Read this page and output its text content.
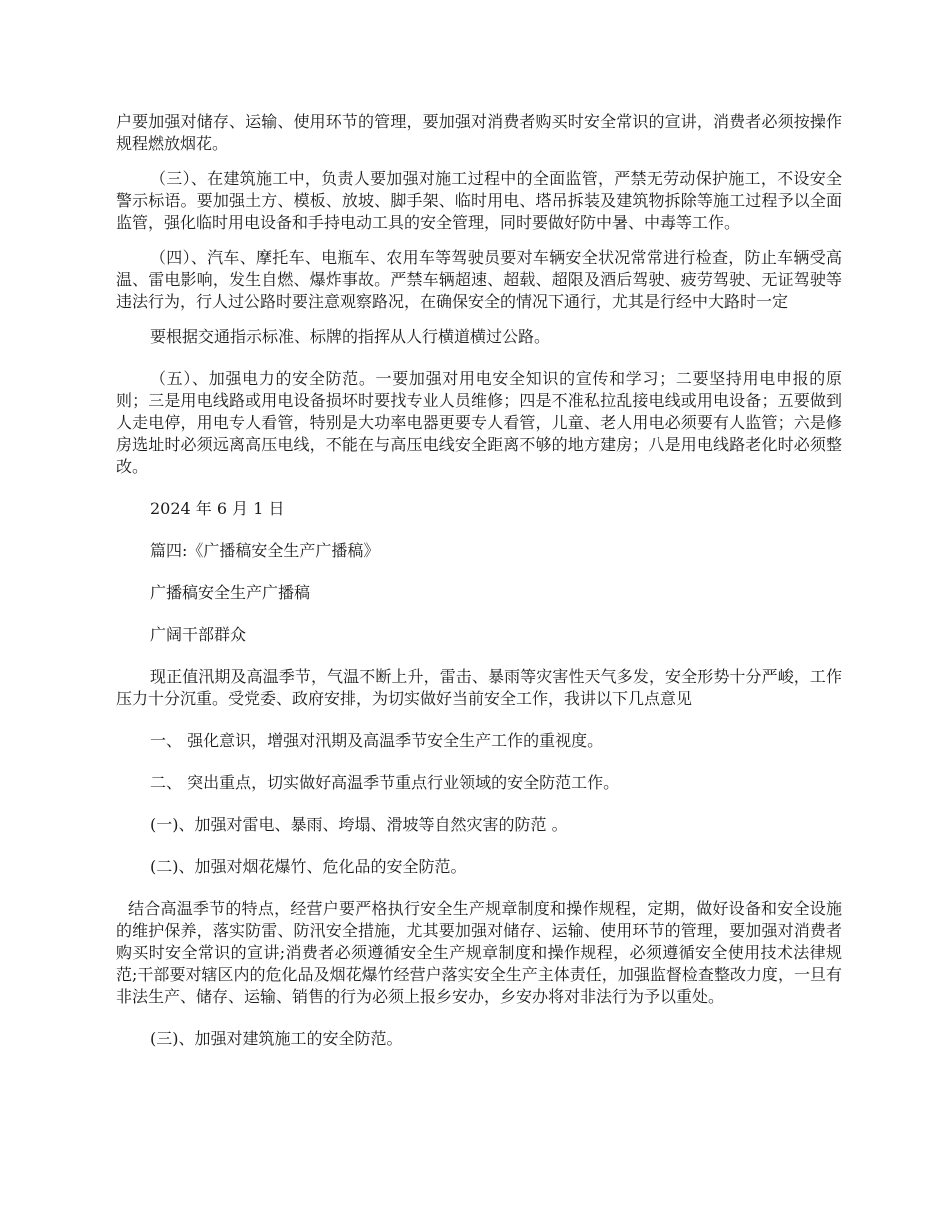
户要加强对储存、运输、使用环节的管理，要加强对消费者购买时安全常识的宣讲，消费者必须按操作规程燃放烟花。

（三）、在建筑施工中，负责人要加强对施工过程中的全面监管，严禁无劳动保护施工，不设安全警示标语。要加强土方、模板、放坡、脚手架、临时用电、塔吊拆装及建筑物拆除等施工过程予以全面监管，强化临时用电设备和手持电动工具的安全管理，同时要做好防中暑、中毒等工作。

（四）、汽车、摩托车、电瓶车、农用车等驾驶员要对车辆安全状况常常进行检查，防止车辆受高温、雷电影响，发生自燃、爆炸事故。严禁车辆超速、超载、超限及酒后驾驶、疲劳驾驶、无证驾驶等违法行为，行人过公路时要注意观察路况，在确保安全的情况下通行，尤其是行经中大路时一定

要根据交通指示标准、标牌的指挥从人行横道横过公路。

（五）、加强电力的安全防范。一要加强对用电安全知识的宣传和学习；二要坚持用电申报的原则；三是用电线路或用电设备损坏时要找专业人员维修；四是不准私拉乱接电线或用电设备；五要做到人走电停，用电专人看管，特别是大功率电器更要专人看管，儿童、老人用电必须要有人监管；六是修房选址时必须远离高压电线，不能在与高压电线安全距离不够的地方建房；八是用电线路老化时必须整改。

2024 年 6 月 1 日

篇四:《广播稿安全生产广播稿》

广播稿安全生产广播稿

广阔干部群众

现正值汛期及高温季节，气温不断上升，雷击、暴雨等灾害性天气多发，安全形势十分严峻，工作压力十分沉重。受党委、政府安排，为切实做好当前安全工作，我讲以下几点意见

一、 强化意识，增强对汛期及高温季节安全生产工作的重视度。

二、 突出重点，切实做好高温季节重点行业领域的安全防范工作。

(一)、加强对雷电、暴雨、垮塌、滑坡等自然灾害的防范 。

(二)、加强对烟花爆竹、危化品的安全防范。

结合高温季节的特点，经营户要严格执行安全生产规章制度和操作规程，定期，做好设备和安全设施的维护保养，落实防雷、防汛安全措施，尤其要加强对储存、运输、使用环节的管理，要加强对消费者购买时安全常识的宣讲;消费者必须遵循安全生产规章制度和操作规程，必须遵循安全使用技术法律规范;干部要对辖区内的危化品及烟花爆竹经营户落实安全生产主体责任，加强监督检查整改力度，一旦有非法生产、储存、运输、销售的行为必须上报乡安办，乡安办将对非法行为予以重处。

(三)、加强对建筑施工的安全防范。
